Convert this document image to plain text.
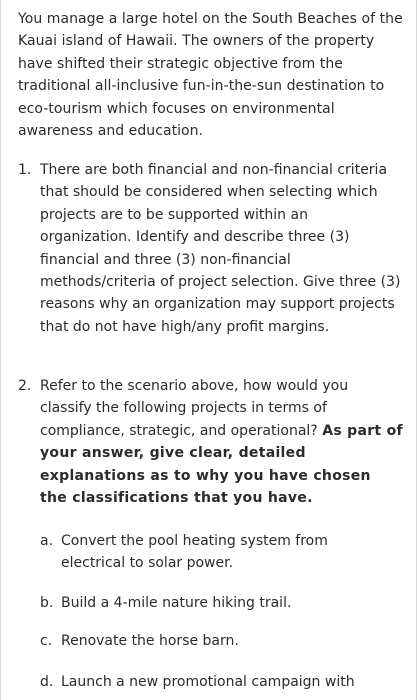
You manage a large hotel on the South Beaches of the Kauai island of Hawaii. The owners of the property have shifted their strategic objective from the traditional all-inclusive fun-in-the-sun destination to eco-tourism which focuses on environmental awareness and education.

1. There are both financial and non-financial criteria that should be considered when selecting which projects are to be supported within an organization. Identify and describe three (3) financial and three (3) non-financial methods/criteria of project selection. Give three (3) reasons why an organization may support projects that do not have high/any profit margins.
2. Refer to the scenario above, how would you classify the following projects in terms of compliance, strategic, and operational? As part of your answer, give clear, detailed explanations as to why you have chosen the classifications that you have.
a. Convert the pool heating system from electrical to solar power.
b. Build a 4-mile nature hiking trail.
c. Renovate the horse barn.
d. Launch a new promotional campaign with
